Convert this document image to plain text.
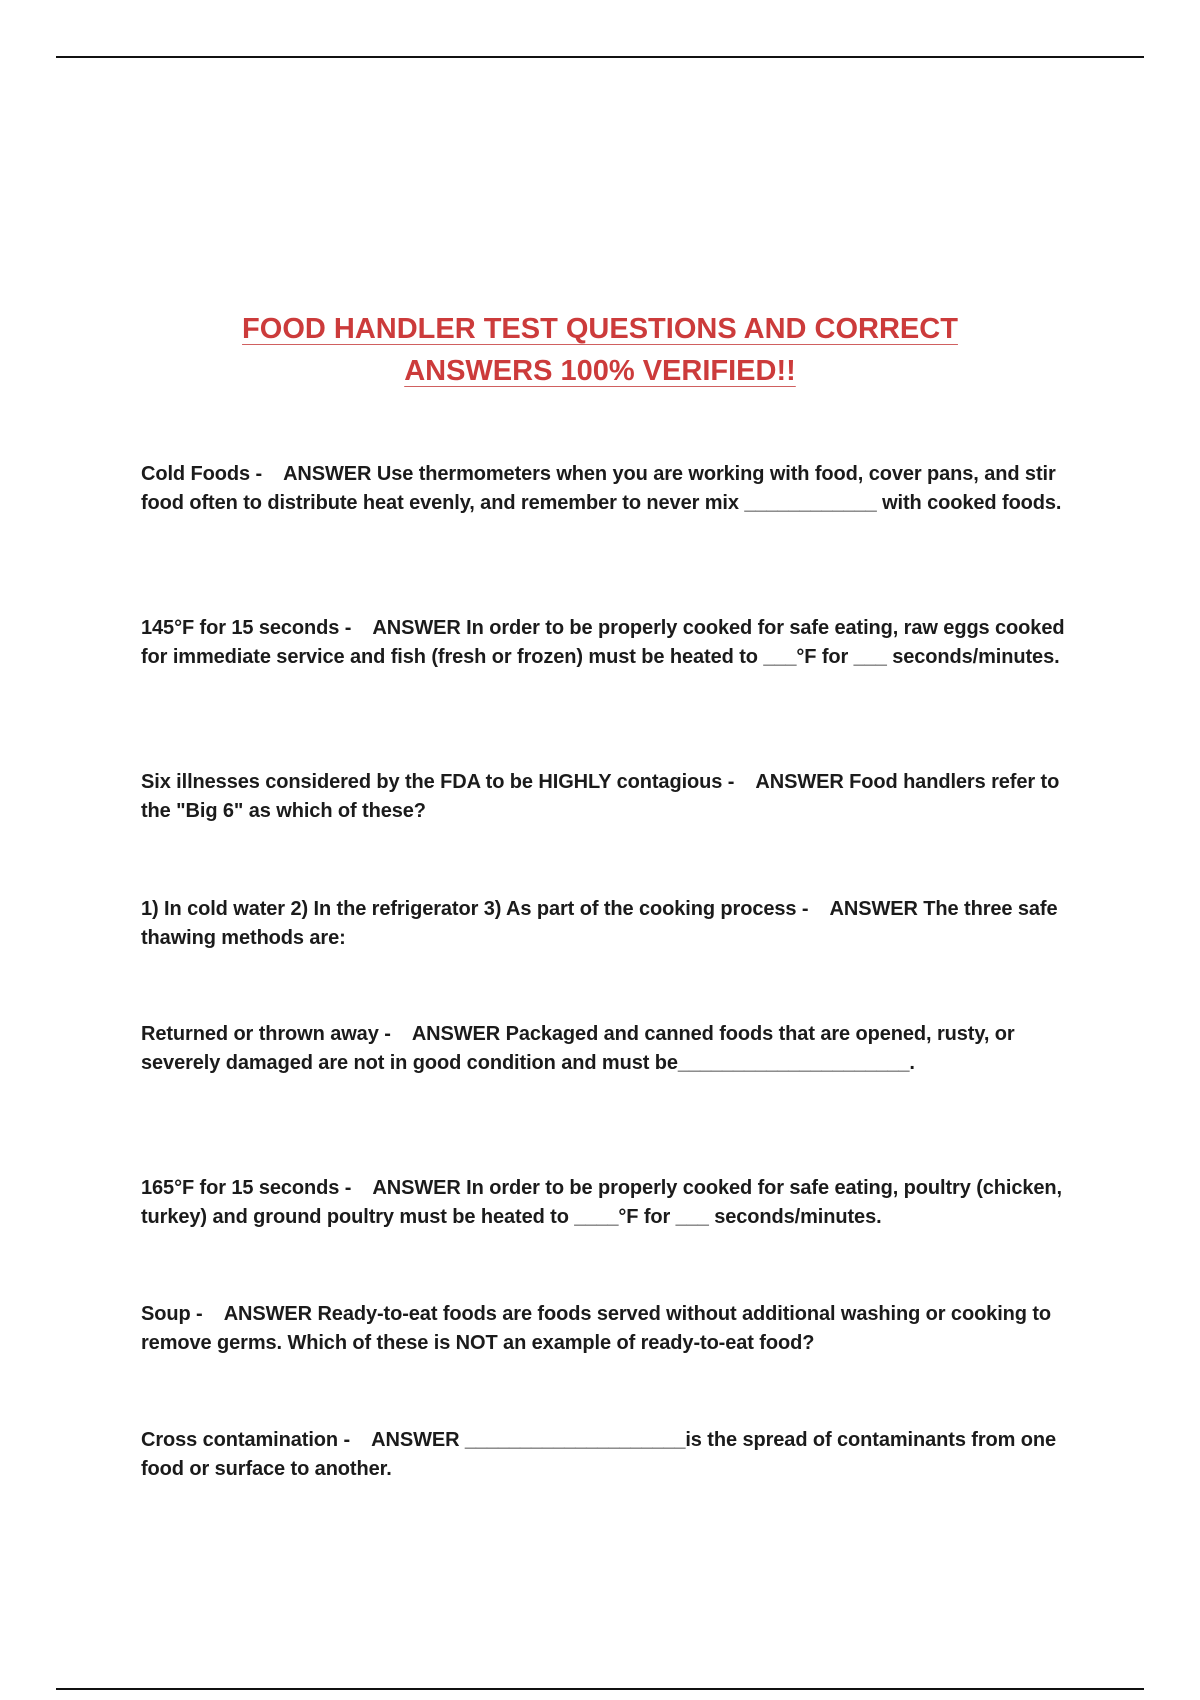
FOOD HANDLER TEST QUESTIONS AND CORRECT
ANSWERS 100% VERIFIED!!
Cold Foods -    ANSWER Use thermometers when you are working with food, cover pans, and stir food often to distribute heat evenly, and remember to never mix ____________ with cooked foods.
145°F for 15 seconds -    ANSWER In order to be properly cooked for safe eating, raw eggs cooked for immediate service and fish (fresh or frozen) must be heated to ___°F for ___ seconds/minutes.
Six illnesses considered by the FDA to be HIGHLY contagious -    ANSWER Food handlers refer to the "Big 6" as which of these?
1) In cold water 2) In the refrigerator 3) As part of the cooking process -    ANSWER The three safe thawing methods are:
Returned or thrown away -    ANSWER Packaged and canned foods that are opened, rusty, or severely damaged are not in good condition and must be_____________________.
165°F for 15 seconds -    ANSWER In order to be properly cooked for safe eating, poultry (chicken, turkey) and ground poultry must be heated to ____°F for ___ seconds/minutes.
Soup -    ANSWER Ready-to-eat foods are foods served without additional washing or cooking to remove germs. Which of these is NOT an example of ready-to-eat food?
Cross contamination -    ANSWER ____________________is the spread of contaminants from one food or surface to another.
